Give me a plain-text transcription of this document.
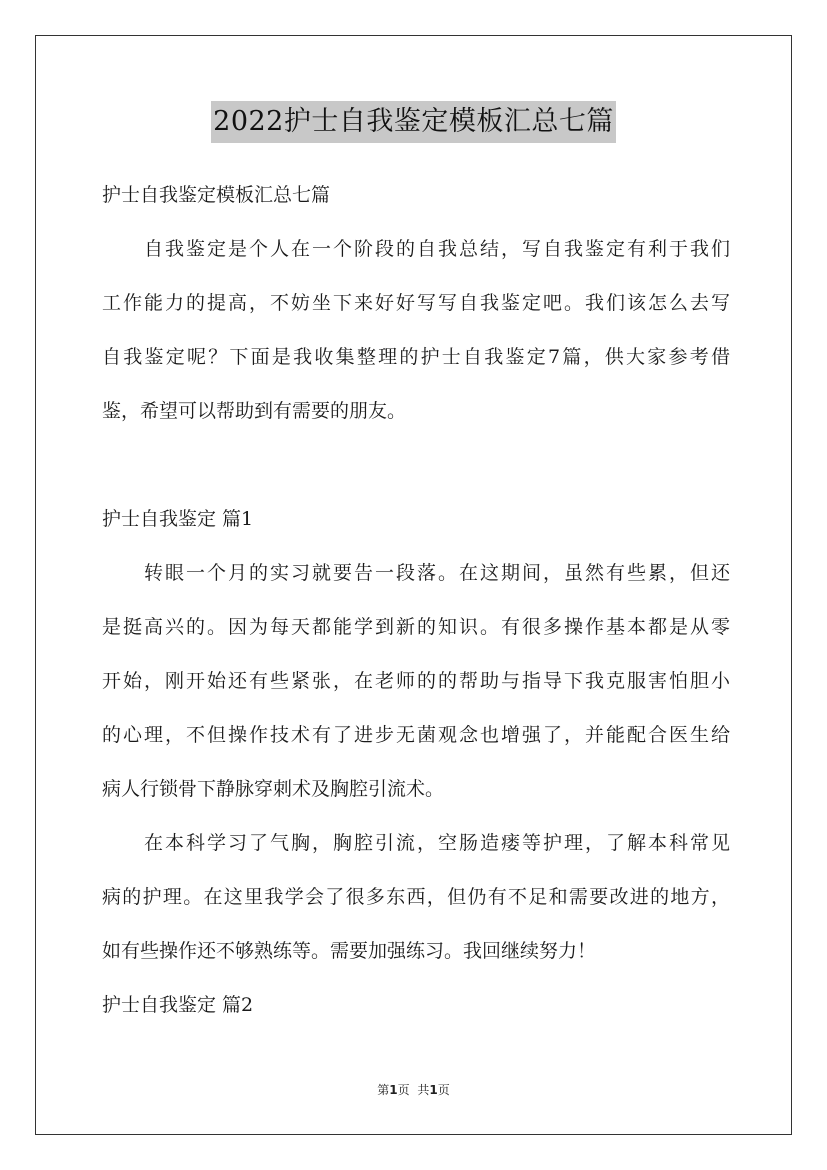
2022护士自我鉴定模板汇总七篇
护士自我鉴定模板汇总七篇
自我鉴定是个人在一个阶段的自我总结，写自我鉴定有利于我们
工作能力的提高，不妨坐下来好好写写自我鉴定吧。我们该怎么去写
自我鉴定呢？下面是我收集整理的护士自我鉴定7篇，供大家参考借
鉴，希望可以帮助到有需要的朋友。
护士自我鉴定 篇1
转眼一个月的实习就要告一段落。在这期间，虽然有些累，但还
是挺高兴的。因为每天都能学到新的知识。有很多操作基本都是从零
开始，刚开始还有些紧张，在老师的的帮助与指导下我克服害怕胆小
的心理，不但操作技术有了进步无菌观念也增强了，并能配合医生给
病人行锁骨下静脉穿刺术及胸腔引流术。
在本科学习了气胸，胸腔引流，空肠造瘘等护理，了解本科常见
病的护理。在这里我学会了很多东西，但仍有不足和需要改进的地方，
如有些操作还不够熟练等。需要加强练习。我回继续努力！
护士自我鉴定 篇2
第1页 共1页
